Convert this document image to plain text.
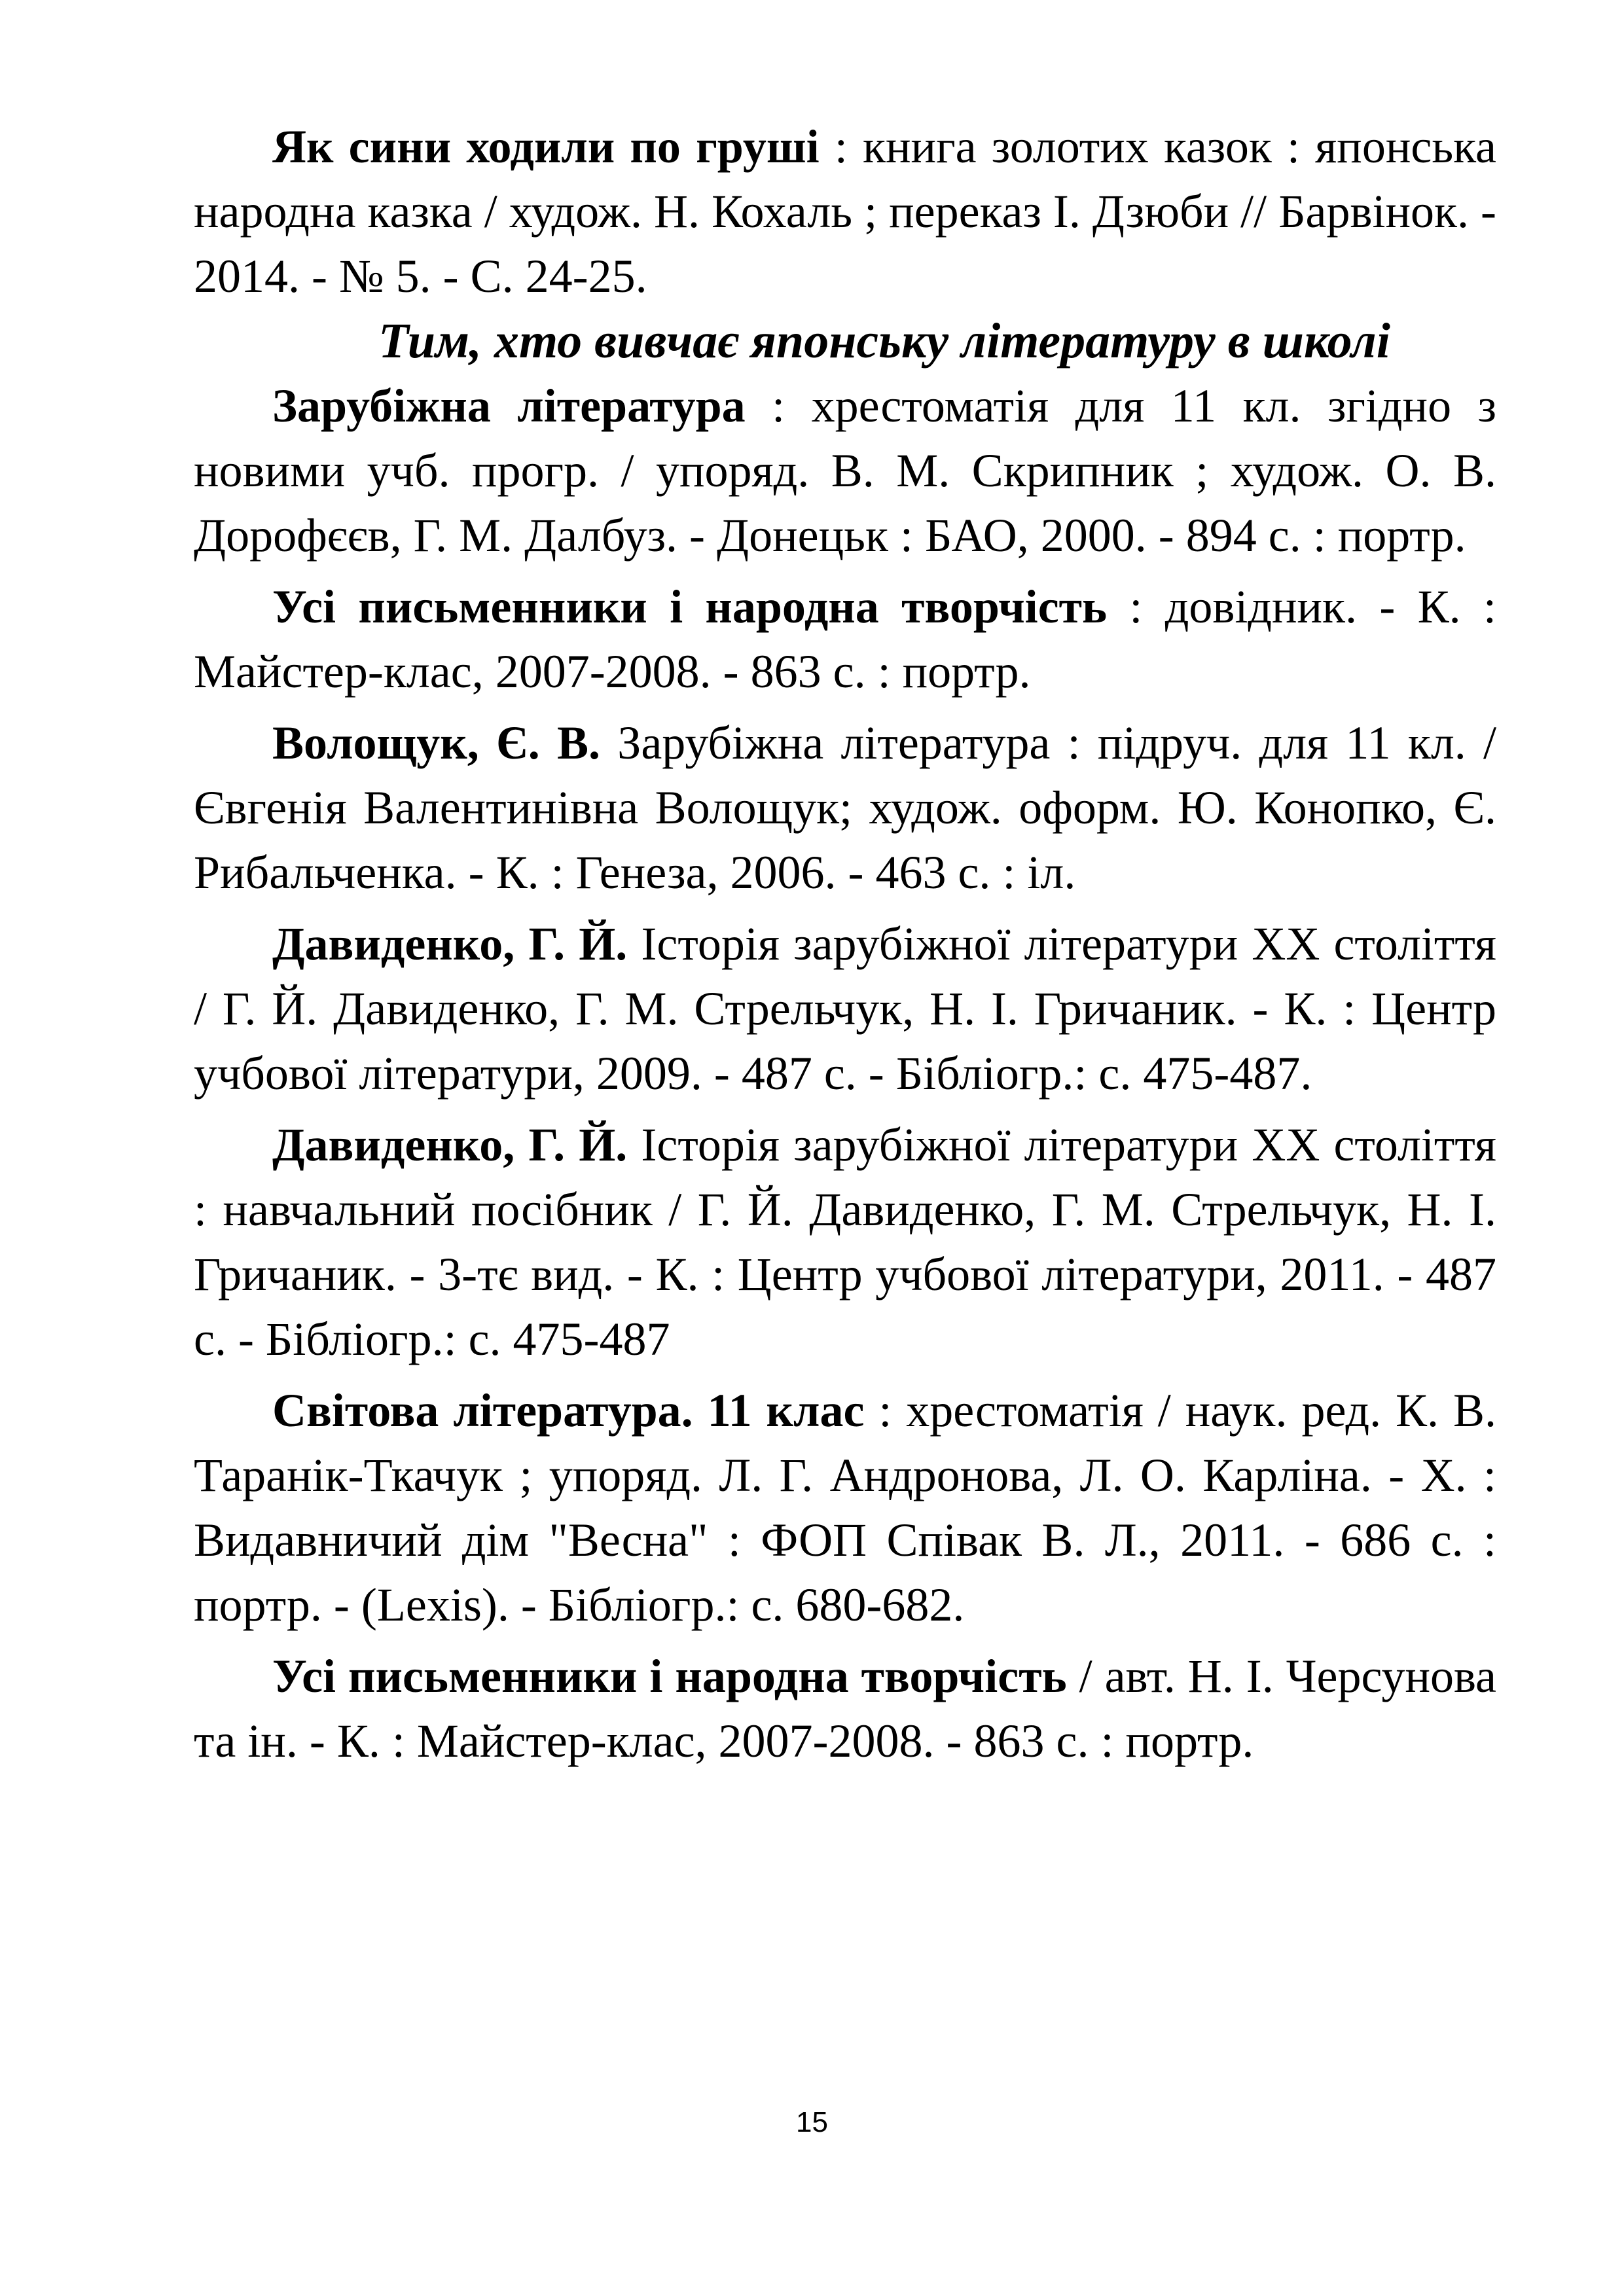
Як сини ходили по груші : книга золотих казок : японська народна казка / худож. Н. Кохаль ; переказ І. Дзюби // Барвінок. - 2014. - № 5. - С. 24-25.

Тим, хто вивчає японську літературу в школі

Зарубіжна література : хрестоматія для 11 кл. згідно з новими учб. прогр. / упоряд. В. М. Скрипник ; худож. О. В. Дорофєєв, Г. М. Далбуз. - Донецьк : БАО, 2000. - 894 с. : портр.

Усі письменники і народна творчість : довідник. - К. : Майстер-клас, 2007-2008. - 863 с. : портр.

Волощук, Є. В. Зарубіжна література : підруч. для 11 кл. / Євгенія Валентинівна Волощук; худож. оформ. Ю. Конопко, Є. Рибальченка. - К. : Генеза, 2006. - 463 с. : іл.

Давиденко, Г. Й. Історія зарубіжної літератури XX століття / Г. Й. Давиденко, Г. М. Стрельчук, Н. І. Гричаник. - К. : Центр учбової літератури, 2009. - 487 с. - Бібліогр.: с. 475-487.

Давиденко, Г. Й. Історія зарубіжної літератури XX століття : навчальний посібник / Г. Й. Давиденко, Г. М. Стрельчук, Н. І. Гричаник. - 3-тє вид. - К. : Центр учбової літератури, 2011. - 487 с. - Бібліогр.: с. 475-487

Світова література. 11 клас : хрестоматія / наук. ред. К. В. Таранік-Ткачук ; упоряд. Л. Г. Андронова, Л. О. Карліна. - Х. : Видавничий дім "Весна" : ФОП Співак В. Л., 2011. - 686 с. : портр. - (Lexis). - Бібліогр.: с. 680-682.

Усі письменники і народна творчість / авт. Н. І. Черсунова та ін. - К. : Майстер-клас, 2007-2008. - 863 с. : портр.

15
